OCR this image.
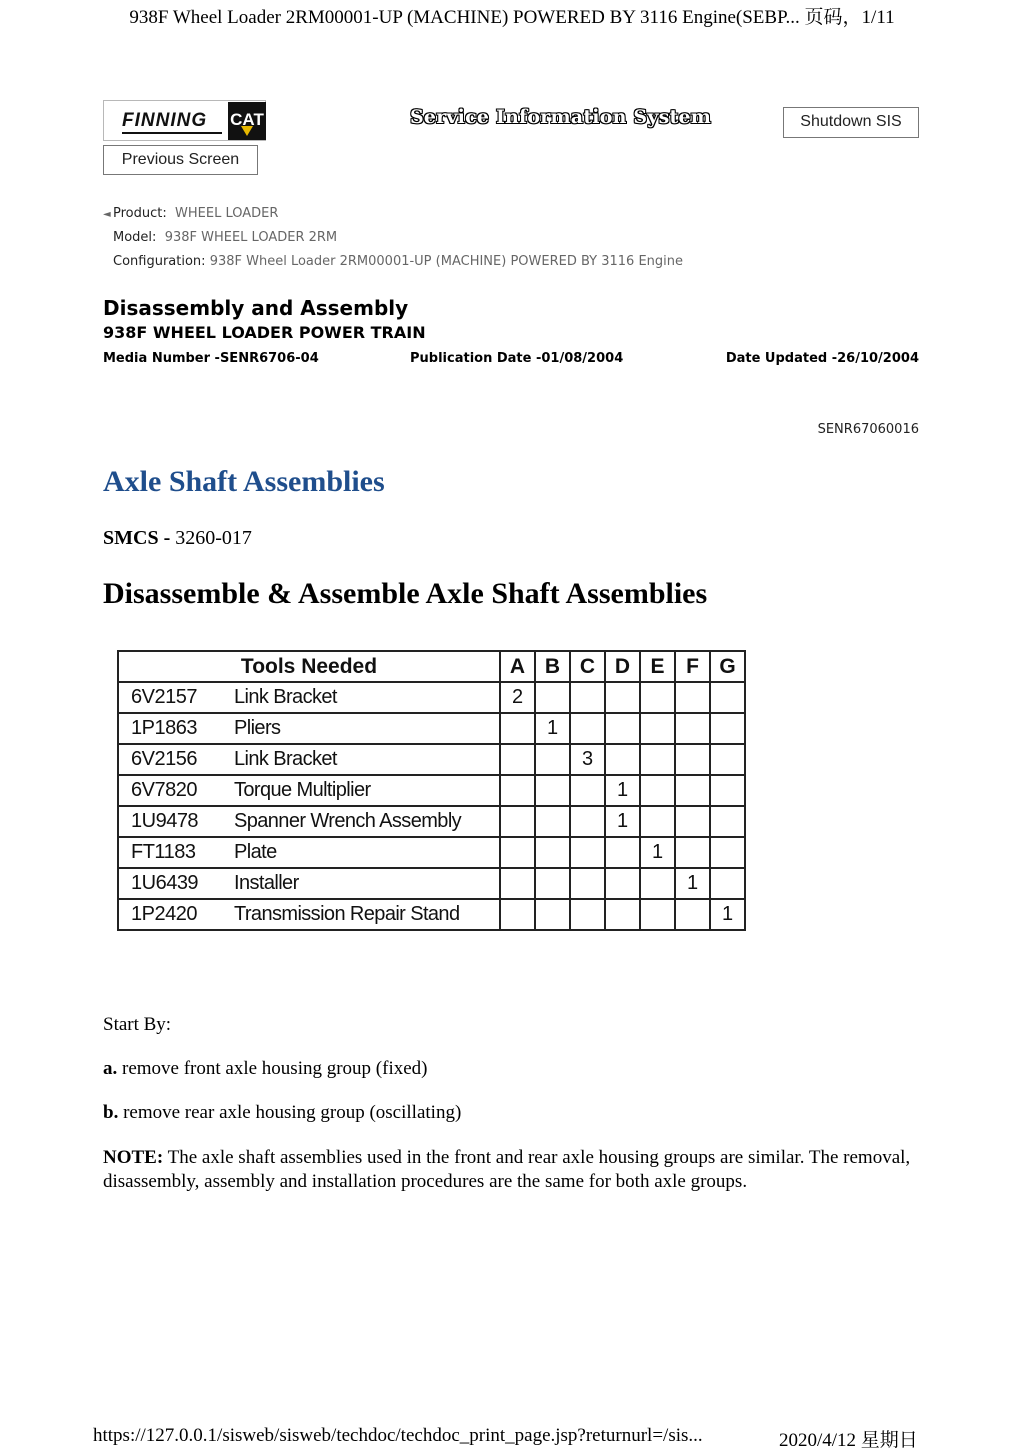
938F Wheel Loader 2RM00001-UP (MACHINE) POWERED BY 3116 Engine(SEBP... 页码，1/11
FINNING CAT	Service Information System	Shutdown SIS
Previous Screen
◄ Product: WHEEL LOADER
Model: 938F WHEEL LOADER 2RM
Configuration: 938F Wheel Loader 2RM00001-UP (MACHINE) POWERED BY 3116 Engine
Disassembly and Assembly
938F WHEEL LOADER POWER TRAIN
Media Number -SENR6706-04	Publication Date -01/08/2004	Date Updated -26/10/2004
SENR67060016
Axle Shaft Assemblies
SMCS - 3260-017
Disassemble & Assemble Axle Shaft Assemblies
Tools Needed		A	B	C	D	E	F	G
6V2157	Link Bracket	2						
1P1863	Pliers		1					
6V2156	Link Bracket			3				
6V7820	Torque Multiplier				1			
1U9478	Spanner Wrench Assembly				1			
FT1183	Plate					1		
1U6439	Installer						1	
1P2420	Transmission Repair Stand							1
Start By:
a. remove front axle housing group (fixed)
b. remove rear axle housing group (oscillating)
NOTE: The axle shaft assemblies used in the front and rear axle housing groups are similar. The removal, disassembly, assembly and installation procedures are the same for both axle groups.
https://127.0.0.1/sisweb/sisweb/techdoc/techdoc_print_page.jsp?returnurl=/sis...	2020/4/12 星期日
